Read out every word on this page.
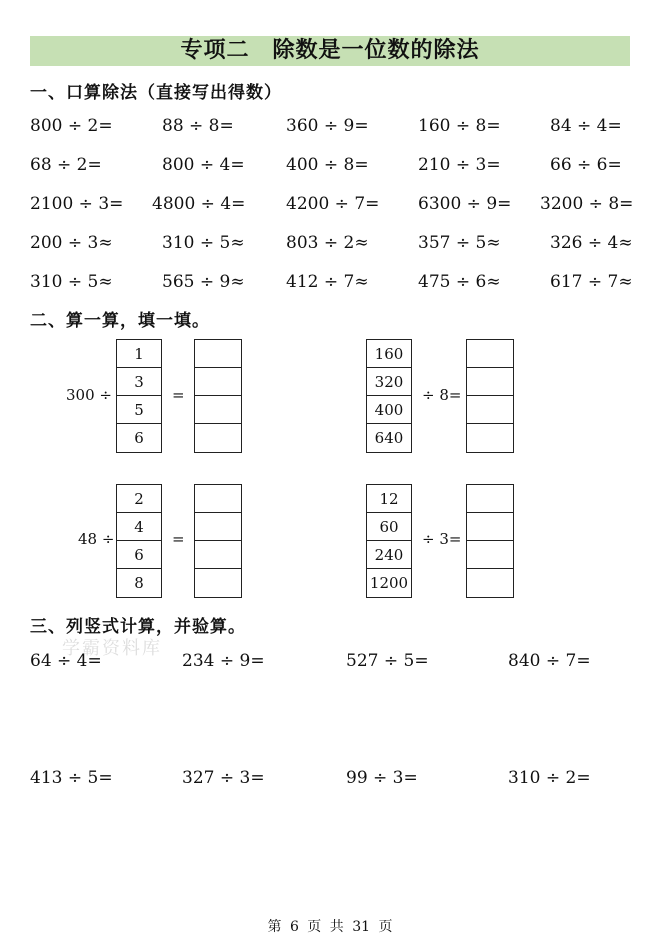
专项二　除数是一位数的除法
一、口算除法（直接写出得数）
800 ÷ 2=	88 ÷ 8=	360 ÷ 9=	160 ÷ 8=	84 ÷ 4=
68 ÷ 2=	800 ÷ 4= 400 ÷ 8=	210 ÷ 3=	66 ÷ 6=
2100 ÷ 3= 4800 ÷ 4= 4200 ÷ 7= 6300 ÷ 9= 3200 ÷ 8=
200 ÷ 3≈	310 ÷ 5≈ 803 ÷ 2≈	357 ÷ 5≈	326 ÷ 4≈
310 ÷ 5≈	565 ÷ 9≈ 412 ÷ 7≈	475 ÷ 6≈	617 ÷ 7≈
二、算一算，填一填。
300 ÷
1
3
5
6
=
160
320
400
640
÷ 8=
48 ÷
2
4
6
8
=
12
60
240
1200
÷ 3=
三、列竖式计算，并验算。
学霸资料库
64 ÷ 4=	234 ÷ 9=	527 ÷ 5=	840 ÷ 7=
413 ÷ 5=	327 ÷ 3=	99 ÷ 3=	310 ÷ 2=
第 6 页 共 31 页
